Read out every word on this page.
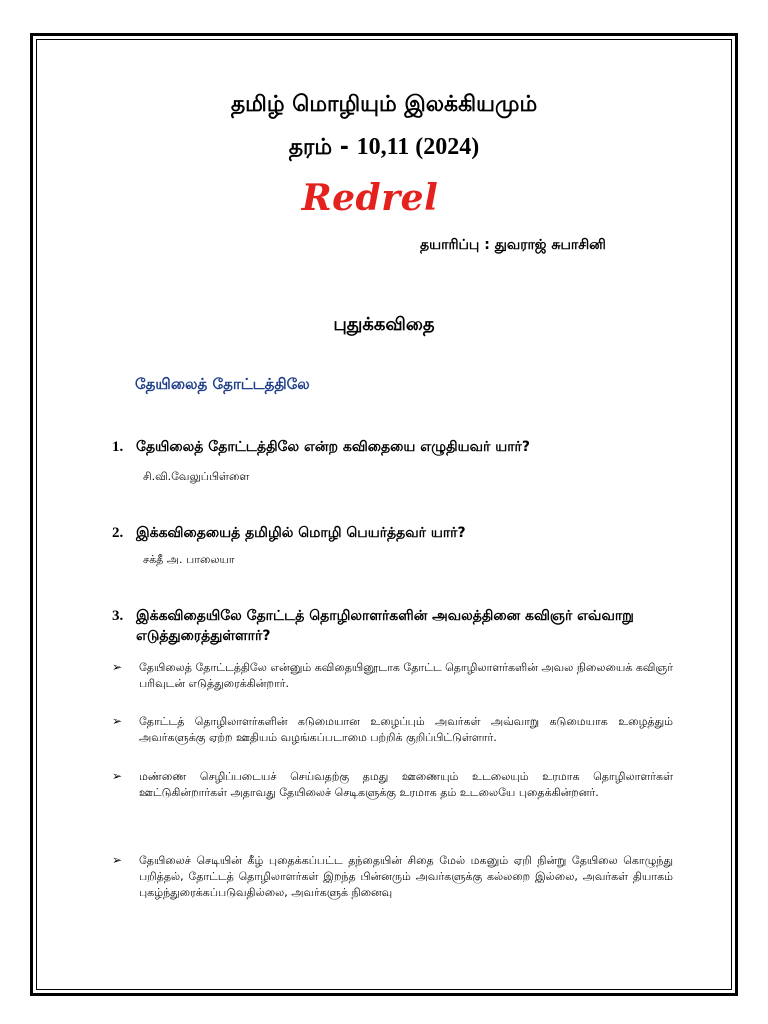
தமிழ் மொழியும் இலக்கியமும்
தரம் - 10,11 (2024)
Redrel
தயாரிப்பு : துவராஜ் சுபாசினி
புதுக்கவிதை
தேயிலைத் தோட்டத்திலே
1. தேயிலைத் தோட்டத்திலே என்ற கவிதையை எழுதியவர் யார்?
சி.வி.வேலுப்பிள்ளை
2. இக்கவிதையைத் தமிழில் மொழி பெயர்த்தவர் யார்?
சக்தீ அ. பாலையா
3. இக்கவிதையிலே தோட்டத் தொழிலாளர்களின் அவலத்தினை கவிஞர் எவ்வாறு எடுத்துரைத்துள்ளார்?
➢ தேயிலைத் தோட்டத்திலே என்னும் கவிதையினூடாக தோட்ட தொழிலாளர்களின் அவல நிலையைக் கவிஞர் பரிவுடன் எடுத்துரைக்கின்றார்.
➢ தோட்டத் தொழிலாளர்களின் கடுமையான உழைப்பும் அவர்கள் அவ்வாறு கடுமையாக உழைத்தும் அவர்களுக்கு ஏற்ற ஊதியம் வழங்கப்படாமை பற்றிக் குறிப்பிட்டுள்ளார்.
➢ மண்ணை செழிப்படையச் செய்வதற்கு தமது ஊணையும் உடலையும் உரமாக தொழிலாளர்கள் ஊட்டுகின்றார்கள் அதாவது தேயிலைச் செடிகளுக்கு உரமாக தம் உடலையே புதைக்கின்றனர்.
➢ தேயிலைச் செடியின் கீழ் புதைக்கப்பட்ட தந்தையின் சிதை மேல் மகனும் ஏறி நின்று தேயிலை கொழுந்து பறித்தல், தோட்டத் தொழிலாளர்கள் இறந்த பின்னரும் அவர்களுக்கு கல்லறை இல்லை, அவர்கள் தியாகம் புகழ்ந்துரைக்கப்படுவதில்லை, அவர்களுக் நினைவு
